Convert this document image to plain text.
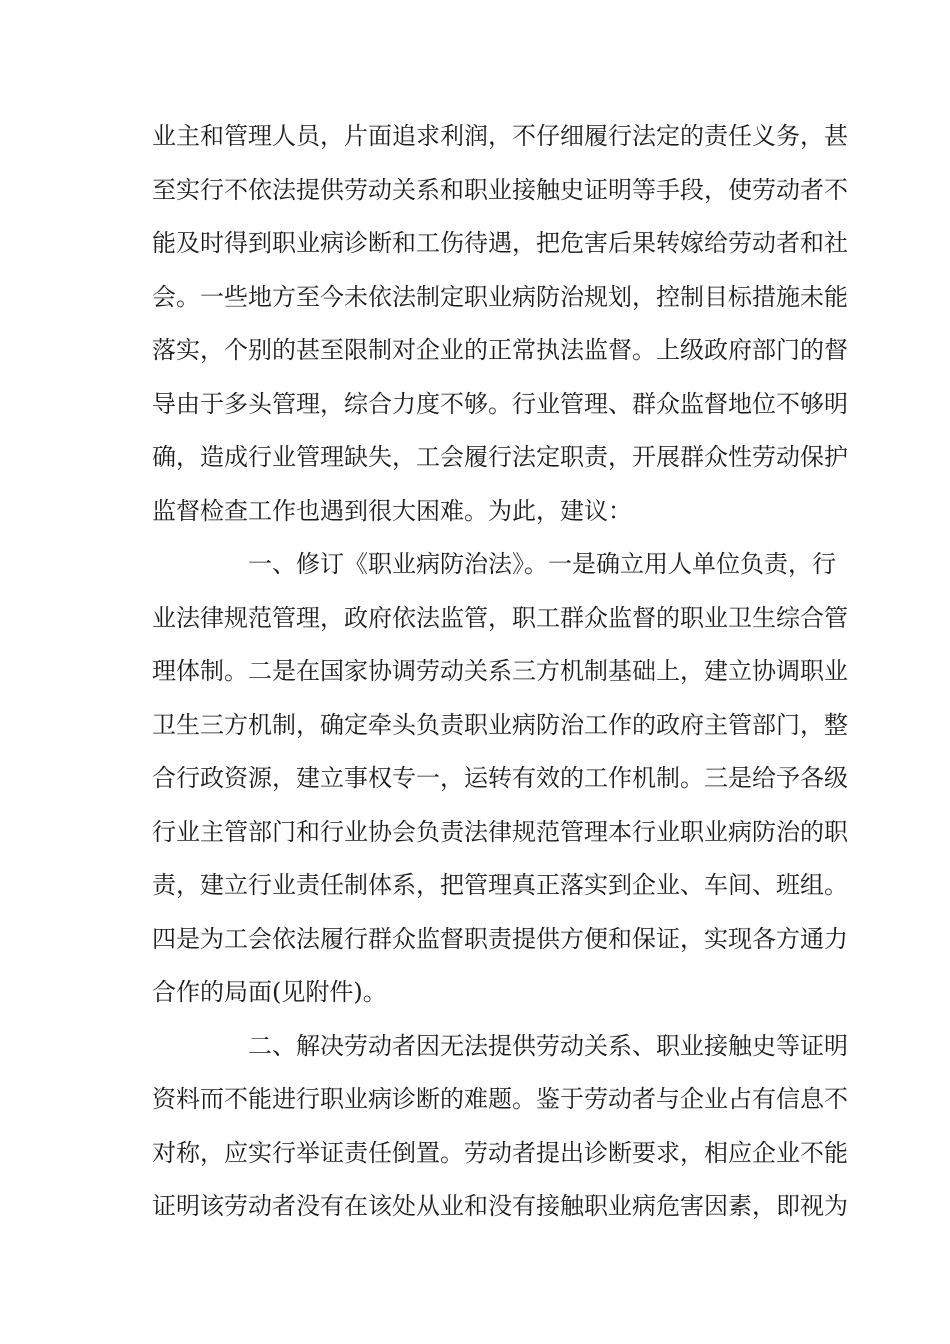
业主和管理人员，片面追求利润，不仔细履行法定的责任义务，甚
至实行不依法提供劳动关系和职业接触史证明等手段，使劳动者不
能及时得到职业病诊断和工伤待遇，把危害后果转嫁给劳动者和社
会。一些地方至今未依法制定职业病防治规划，控制目标措施未能
落实，个别的甚至限制对企业的正常执法监督。上级政府部门的督
导由于多头管理，综合力度不够。行业管理、群众监督地位不够明
确，造成行业管理缺失，工会履行法定职责，开展群众性劳动保护
监督检查工作也遇到很大困难。为此，建议：
一、修订《职业病防治法》。一是确立用人单位负责，行
业法律规范管理，政府依法监管，职工群众监督的职业卫生综合管
理体制。二是在国家协调劳动关系三方机制基础上，建立协调职业
卫生三方机制，确定牵头负责职业病防治工作的政府主管部门，整
合行政资源，建立事权专一，运转有效的工作机制。三是给予各级
行业主管部门和行业协会负责法律规范管理本行业职业病防治的职
责，建立行业责任制体系，把管理真正落实到企业、车间、班组。
四是为工会依法履行群众监督职责提供方便和保证，实现各方通力
合作的局面(见附件)。
二、解决劳动者因无法提供劳动关系、职业接触史等证明
资料而不能进行职业病诊断的难题。鉴于劳动者与企业占有信息不
对称，应实行举证责任倒置。劳动者提出诊断要求，相应企业不能
证明该劳动者没有在该处从业和没有接触职业病危害因素，即视为
